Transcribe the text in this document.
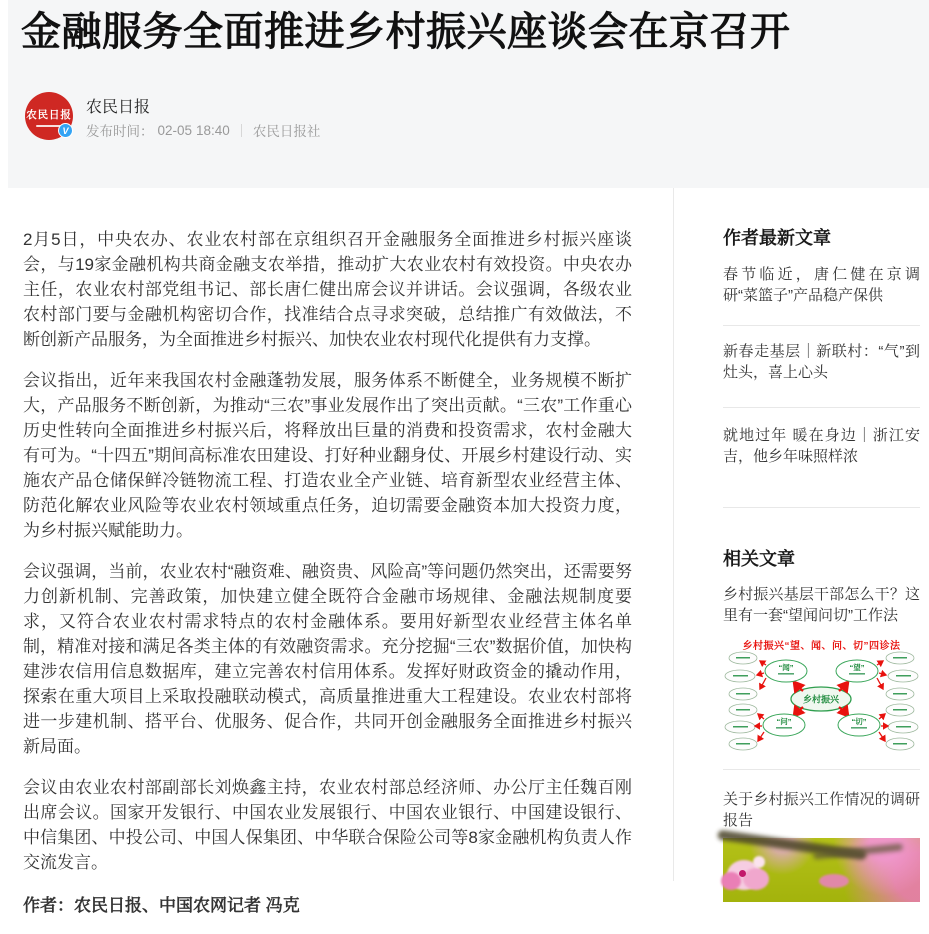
金融服务全面推进乡村振兴座谈会在京召开
农民日报
V
农民日报
发布时间： 02-05 18:40 农民日报社

2月5日，中央农办、农业农村部在京组织召开金融服务全面推进乡村振兴座谈会，与19家金融机构共商金融支农举措，推动扩大农业农村有效投资。中央农办主任，农业农村部党组书记、部长唐仁健出席会议并讲话。会议强调，各级农业农村部门要与金融机构密切合作，找准结合点寻求突破，总结推广有效做法，不断创新产品服务，为全面推进乡村振兴、加快农业农村现代化提供有力支撑。

会议指出，近年来我国农村金融蓬勃发展，服务体系不断健全，业务规模不断扩大，产品服务不断创新，为推动“三农”事业发展作出了突出贡献。“三农”工作重心历史性转向全面推进乡村振兴后，将释放出巨量的消费和投资需求，农村金融大有可为。“十四五”期间高标准农田建设、打好种业翻身仗、开展乡村建设行动、实施农产品仓储保鲜冷链物流工程、打造农业全产业链、培育新型农业经营主体、防范化解农业风险等农业农村领域重点任务，迫切需要金融资本加大投资力度，为乡村振兴赋能助力。

会议强调，当前，农业农村“融资难、融资贵、风险高”等问题仍然突出，还需要努力创新机制、完善政策，加快建立健全既符合金融市场规律、金融法规制度要求，又符合农业农村需求特点的农村金融体系。要用好新型农业经营主体名单制，精准对接和满足各类主体的有效融资需求。充分挖掘“三农”数据价值，加快构建涉农信用信息数据库，建立完善农村信用体系。发挥好财政资金的撬动作用，探索在重大项目上采取投融联动模式，高质量推进重大工程建设。农业农村部将进一步建机制、搭平台、优服务、促合作，共同开创金融服务全面推进乡村振兴新局面。

会议由农业农村部副部长刘焕鑫主持，农业农村部总经济师、办公厅主任魏百刚出席会议。国家开发银行、中国农业发展银行、中国农业银行、中国建设银行、中信集团、中投公司、中国人保集团、中华联合保险公司等8家金融机构负责人作交流发言。

作者：农民日报、中国农网记者 冯克

作者最新文章
春节临近，唐仁健在京调研“菜篮子”产品稳产保供
新春走基层｜新联村：“气”到灶头，喜上心头
就地过年 暖在身边｜浙江安吉，他乡年味照样浓
相关文章
乡村振兴基层干部怎么干？这里有一套“望闻问切”工作法
乡村振兴“望、闻、问、切”四诊法
乡村振兴
“闻”	“望”
“问”	“切”
关于乡村振兴工作情况的调研报告
